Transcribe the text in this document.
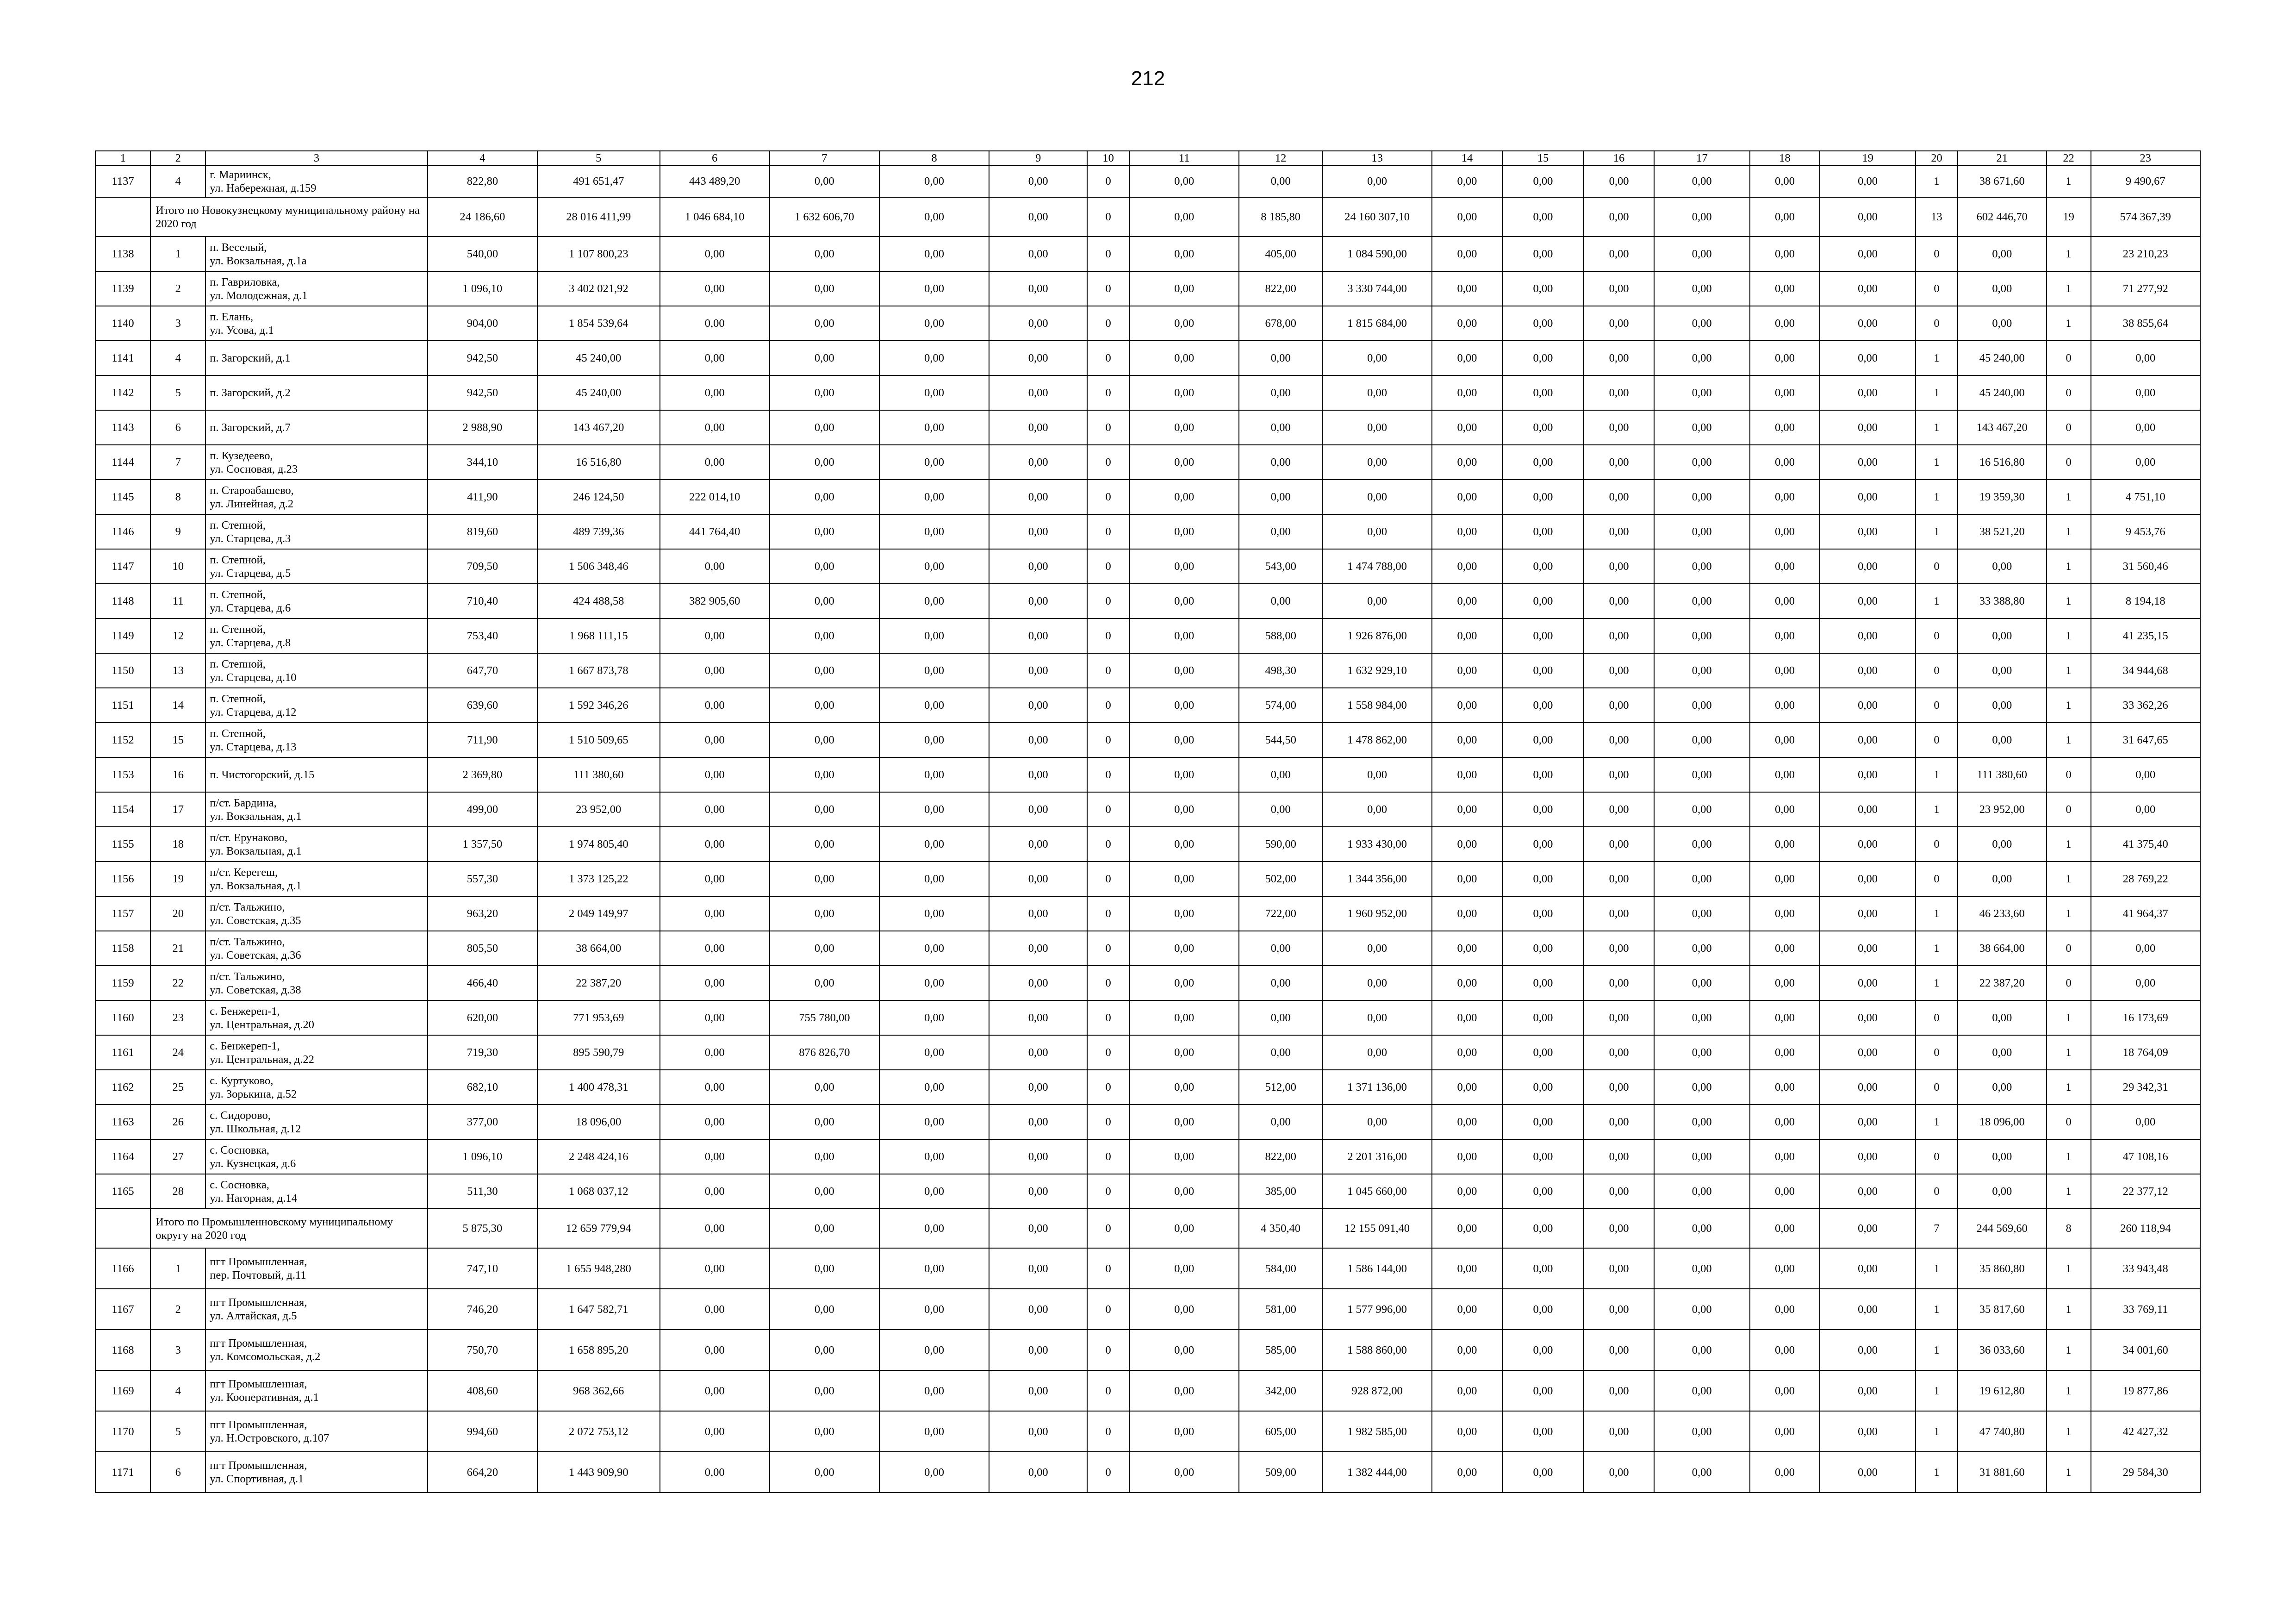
212
1	2	3	4	5	6	7	8	9	10	11	12	13	14	15	16	17	18	19	20	21	22	23
1137	4	г. Мариинск,
ул. Набережная, д.159	822,80	491 651,47	443 489,20	0,00	0,00	0,00	0	0,00	0,00	0,00	0,00	0,00	0,00	0,00	0,00	0,00	1	38 671,60	1	9 490,67
	Итого по Новокузнецкому муниципальному району на 2020 год		24 186,60	28 016 411,99	1 046 684,10	1 632 606,70	0,00	0,00	0	0,00	8 185,80	24 160 307,10	0,00	0,00	0,00	0,00	0,00	0,00	13	602 446,70	19	574 367,39
1138	1	п. Веселый,
ул. Вокзальная, д.1а	540,00	1 107 800,23	0,00	0,00	0,00	0,00	0	0,00	405,00	1 084 590,00	0,00	0,00	0,00	0,00	0,00	0,00	0	0,00	1	23 210,23
1139	2	п. Гавриловка,
ул. Молодежная, д.1	1 096,10	3 402 021,92	0,00	0,00	0,00	0,00	0	0,00	822,00	3 330 744,00	0,00	0,00	0,00	0,00	0,00	0,00	0	0,00	1	71 277,92
1140	3	п. Елань,
ул. Усова, д.1	904,00	1 854 539,64	0,00	0,00	0,00	0,00	0	0,00	678,00	1 815 684,00	0,00	0,00	0,00	0,00	0,00	0,00	0	0,00	1	38 855,64
1141	4	п. Загорский, д.1	942,50	45 240,00	0,00	0,00	0,00	0,00	0	0,00	0,00	0,00	0,00	0,00	0,00	0,00	0,00	0,00	1	45 240,00	0	0,00
1142	5	п. Загорский, д.2	942,50	45 240,00	0,00	0,00	0,00	0,00	0	0,00	0,00	0,00	0,00	0,00	0,00	0,00	0,00	0,00	1	45 240,00	0	0,00
1143	6	п. Загорский, д.7	2 988,90	143 467,20	0,00	0,00	0,00	0,00	0	0,00	0,00	0,00	0,00	0,00	0,00	0,00	0,00	0,00	1	143 467,20	0	0,00
1144	7	п. Кузедеево,
ул. Сосновая, д.23	344,10	16 516,80	0,00	0,00	0,00	0,00	0	0,00	0,00	0,00	0,00	0,00	0,00	0,00	0,00	0,00	1	16 516,80	0	0,00
1145	8	п. Староабашево,
ул. Линейная, д.2	411,90	246 124,50	222 014,10	0,00	0,00	0,00	0	0,00	0,00	0,00	0,00	0,00	0,00	0,00	0,00	0,00	1	19 359,30	1	4 751,10
1146	9	п. Степной,
ул. Старцева, д.3	819,60	489 739,36	441 764,40	0,00	0,00	0,00	0	0,00	0,00	0,00	0,00	0,00	0,00	0,00	0,00	0,00	1	38 521,20	1	9 453,76
1147	10	п. Степной,
ул. Старцева, д.5	709,50	1 506 348,46	0,00	0,00	0,00	0,00	0	0,00	543,00	1 474 788,00	0,00	0,00	0,00	0,00	0,00	0,00	0	0,00	1	31 560,46
1148	11	п. Степной,
ул. Старцева, д.6	710,40	424 488,58	382 905,60	0,00	0,00	0,00	0	0,00	0,00	0,00	0,00	0,00	0,00	0,00	0,00	0,00	1	33 388,80	1	8 194,18
1149	12	п. Степной,
ул. Старцева, д.8	753,40	1 968 111,15	0,00	0,00	0,00	0,00	0	0,00	588,00	1 926 876,00	0,00	0,00	0,00	0,00	0,00	0,00	0	0,00	1	41 235,15
1150	13	п. Степной,
ул. Старцева, д.10	647,70	1 667 873,78	0,00	0,00	0,00	0,00	0	0,00	498,30	1 632 929,10	0,00	0,00	0,00	0,00	0,00	0,00	0	0,00	1	34 944,68
1151	14	п. Степной,
ул. Старцева, д.12	639,60	1 592 346,26	0,00	0,00	0,00	0,00	0	0,00	574,00	1 558 984,00	0,00	0,00	0,00	0,00	0,00	0,00	0	0,00	1	33 362,26
1152	15	п. Степной,
ул. Старцева, д.13	711,90	1 510 509,65	0,00	0,00	0,00	0,00	0	0,00	544,50	1 478 862,00	0,00	0,00	0,00	0,00	0,00	0,00	0	0,00	1	31 647,65
1153	16	п. Чистогорский, д.15	2 369,80	111 380,60	0,00	0,00	0,00	0,00	0	0,00	0,00	0,00	0,00	0,00	0,00	0,00	0,00	0,00	1	111 380,60	0	0,00
1154	17	п/ст. Бардина,
ул. Вокзальная, д.1	499,00	23 952,00	0,00	0,00	0,00	0,00	0	0,00	0,00	0,00	0,00	0,00	0,00	0,00	0,00	0,00	1	23 952,00	0	0,00
1155	18	п/ст. Ерунаково,
ул. Вокзальная, д.1	1 357,50	1 974 805,40	0,00	0,00	0,00	0,00	0	0,00	590,00	1 933 430,00	0,00	0,00	0,00	0,00	0,00	0,00	0	0,00	1	41 375,40
1156	19	п/ст. Керегеш,
ул. Вокзальная, д.1	557,30	1 373 125,22	0,00	0,00	0,00	0,00	0	0,00	502,00	1 344 356,00	0,00	0,00	0,00	0,00	0,00	0,00	0	0,00	1	28 769,22
1157	20	п/ст. Тальжино,
ул. Советская, д.35	963,20	2 049 149,97	0,00	0,00	0,00	0,00	0	0,00	722,00	1 960 952,00	0,00	0,00	0,00	0,00	0,00	0,00	1	46 233,60	1	41 964,37
1158	21	п/ст. Тальжино,
ул. Советская, д.36	805,50	38 664,00	0,00	0,00	0,00	0,00	0	0,00	0,00	0,00	0,00	0,00	0,00	0,00	0,00	0,00	1	38 664,00	0	0,00
1159	22	п/ст. Тальжино,
ул. Советская, д.38	466,40	22 387,20	0,00	0,00	0,00	0,00	0	0,00	0,00	0,00	0,00	0,00	0,00	0,00	0,00	0,00	1	22 387,20	0	0,00
1160	23	с. Бенжереп-1,
ул. Центральная, д.20	620,00	771 953,69	0,00	755 780,00	0,00	0,00	0	0,00	0,00	0,00	0,00	0,00	0,00	0,00	0,00	0,00	0	0,00	1	16 173,69
1161	24	с. Бенжереп-1,
ул. Центральная, д.22	719,30	895 590,79	0,00	876 826,70	0,00	0,00	0	0,00	0,00	0,00	0,00	0,00	0,00	0,00	0,00	0,00	0	0,00	1	18 764,09
1162	25	с. Куртуково,
ул. Зорькина, д.52	682,10	1 400 478,31	0,00	0,00	0,00	0,00	0	0,00	512,00	1 371 136,00	0,00	0,00	0,00	0,00	0,00	0,00	0	0,00	1	29 342,31
1163	26	с. Сидорово,
ул. Школьная, д.12	377,00	18 096,00	0,00	0,00	0,00	0,00	0	0,00	0,00	0,00	0,00	0,00	0,00	0,00	0,00	0,00	1	18 096,00	0	0,00
1164	27	с. Сосновка,
ул. Кузнецкая, д.6	1 096,10	2 248 424,16	0,00	0,00	0,00	0,00	0	0,00	822,00	2 201 316,00	0,00	0,00	0,00	0,00	0,00	0,00	0	0,00	1	47 108,16
1165	28	с. Сосновка,
ул. Нагорная, д.14	511,30	1 068 037,12	0,00	0,00	0,00	0,00	0	0,00	385,00	1 045 660,00	0,00	0,00	0,00	0,00	0,00	0,00	0	0,00	1	22 377,12
	Итого по Промышленновскому муниципальному округу на 2020 год		5 875,30	12 659 779,94	0,00	0,00	0,00	0,00	0	0,00	4 350,40	12 155 091,40	0,00	0,00	0,00	0,00	0,00	0,00	7	244 569,60	8	260 118,94
1166	1	пгт Промышленная,
пер. Почтовый, д.11	747,10	1 655 948,280	0,00	0,00	0,00	0,00	0	0,00	584,00	1 586 144,00	0,00	0,00	0,00	0,00	0,00	0,00	1	35 860,80	1	33 943,48
1167	2	пгт Промышленная,
ул. Алтайская, д.5	746,20	1 647 582,71	0,00	0,00	0,00	0,00	0	0,00	581,00	1 577 996,00	0,00	0,00	0,00	0,00	0,00	0,00	1	35 817,60	1	33 769,11
1168	3	пгт Промышленная,
ул. Комсомольская, д.2	750,70	1 658 895,20	0,00	0,00	0,00	0,00	0	0,00	585,00	1 588 860,00	0,00	0,00	0,00	0,00	0,00	0,00	1	36 033,60	1	34 001,60
1169	4	пгт Промышленная,
ул. Кооперативная, д.1	408,60	968 362,66	0,00	0,00	0,00	0,00	0	0,00	342,00	928 872,00	0,00	0,00	0,00	0,00	0,00	0,00	1	19 612,80	1	19 877,86
1170	5	пгт Промышленная,
ул. Н.Островского, д.107	994,60	2 072 753,12	0,00	0,00	0,00	0,00	0	0,00	605,00	1 982 585,00	0,00	0,00	0,00	0,00	0,00	0,00	1	47 740,80	1	42 427,32
1171	6	пгт Промышленная,
ул. Спортивная, д.1	664,20	1 443 909,90	0,00	0,00	0,00	0,00	0	0,00	509,00	1 382 444,00	0,00	0,00	0,00	0,00	0,00	0,00	1	31 881,60	1	29 584,30
